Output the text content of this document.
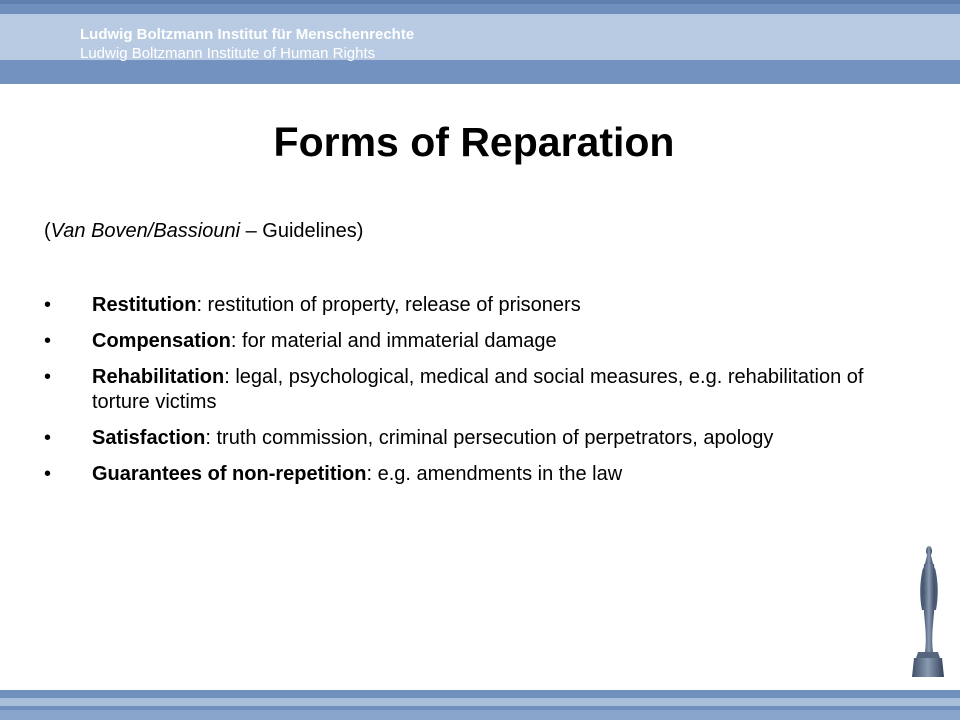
Ludwig Boltzmann Institut für Menschenrechte
Ludwig Boltzmann Institute of Human Rights
Forms of Reparation
(Van Boven/Bassiouni – Guidelines)
• Restitution: restitution of property, release of prisoners
• Compensation: for material and immaterial damage
• Rehabilitation: legal, psychological, medical and social measures, e.g. rehabilitation of torture victims
• Satisfaction: truth commission, criminal persecution of perpetrators, apology
• Guarantees of non-repetition: e.g. amendments in the law
